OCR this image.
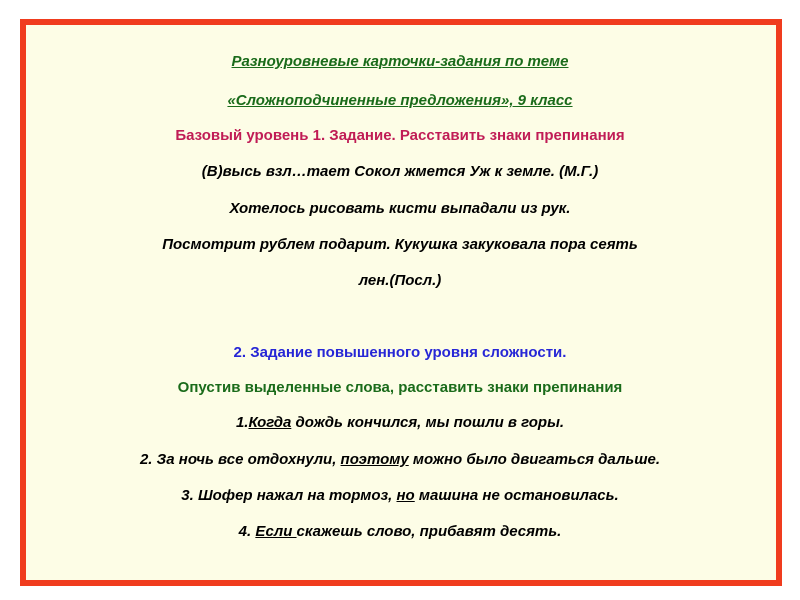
Разноуровневые карточки-задания по теме
«Сложноподчиненные предложения», 9 класс
Базовый уровень 1. Задание. Расставить знаки препинания
(В)высь взл…тает Сокол жмется Уж к земле. (М.Г.)
Хотелось рисовать кисти выпадали из рук.
Посмотрит рублем подарит. Кукушка закуковала пора сеять
лен.(Посл.)
2. Задание повышенного уровня сложности.
Опустив выделенные слова, расставить знаки препинания
1.Когда дождь кончился, мы пошли в горы.
2. За ночь все отдохнули, поэтому можно было двигаться дальше.
3. Шофер нажал на тормоз, но машина не остановилась.
4. Если скажешь слово, прибавят десять.
